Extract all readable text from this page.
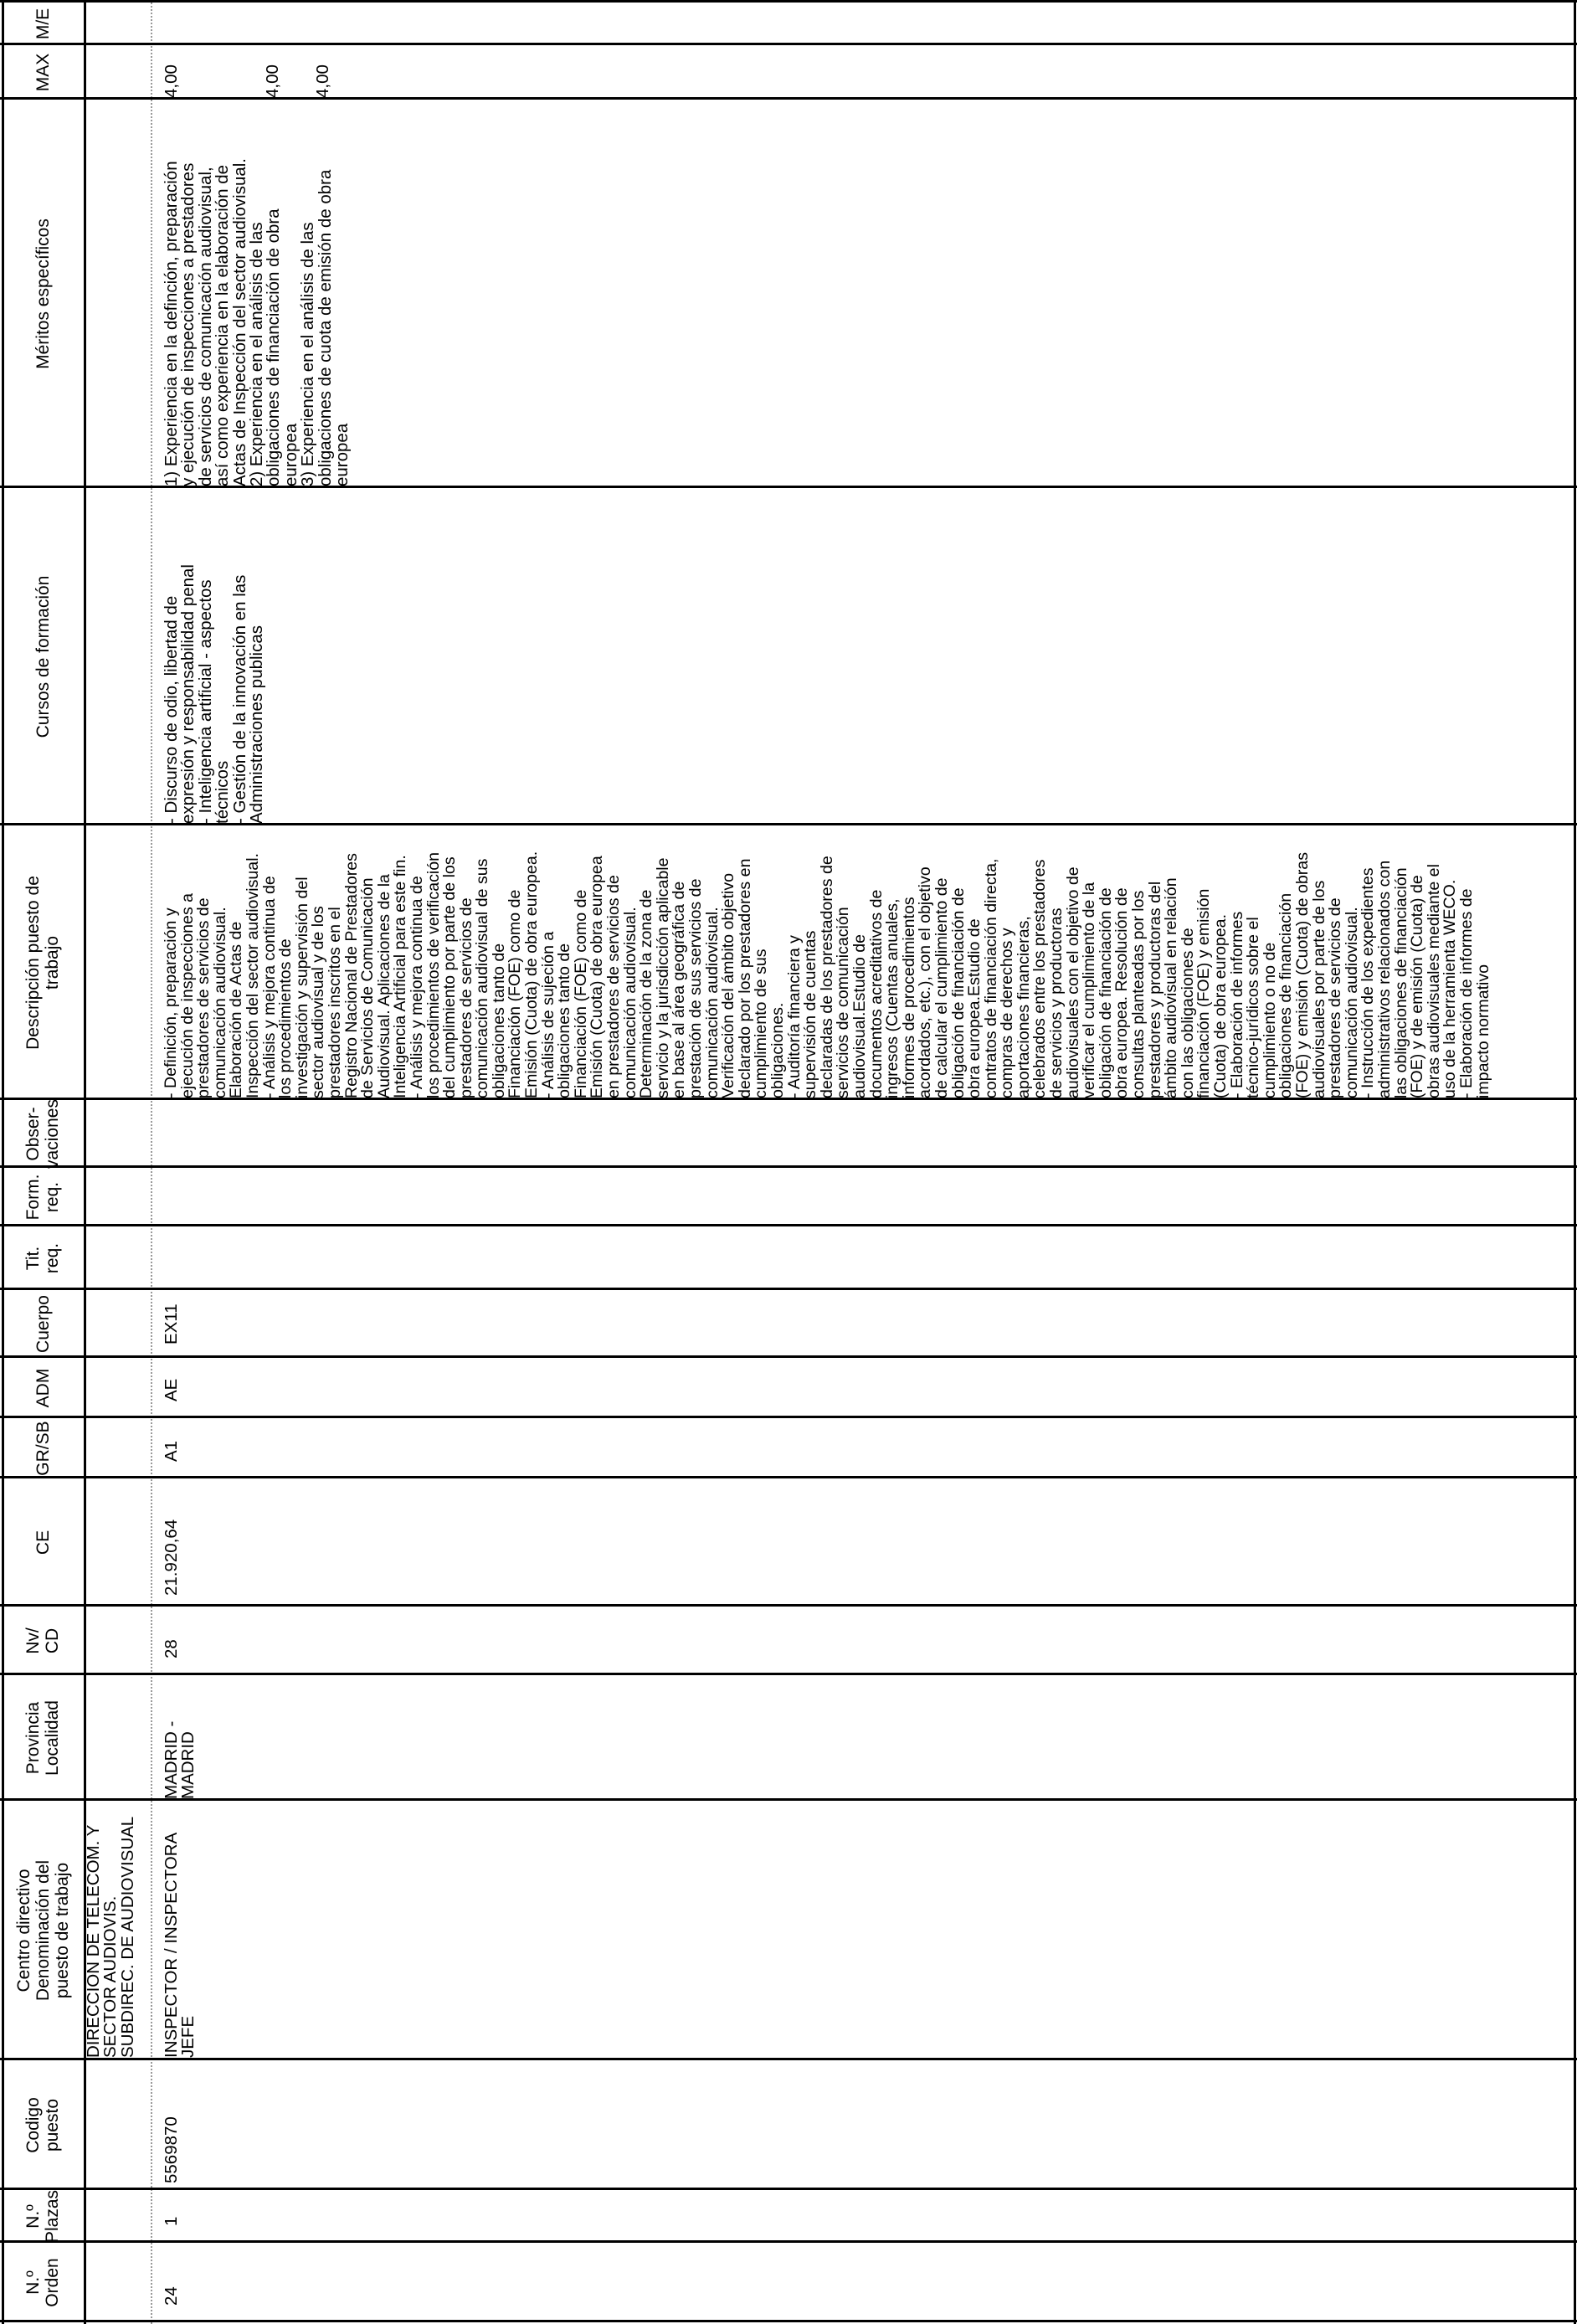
N.º
Orden
N.º
Plazas
Codigo
puesto
Centro directivo
Denominación del
puesto de trabajo
Provincia
Localidad
Nv/
CD
CE
GR/SB
ADM
Cuerpo
Tit.
req.
Form.
req.
Obser-
vaciones
Descripción puesto de
trabajo
Cursos de formación
Méritos específicos
MAX
M/E
DIRECCION DE TELECOM. Y
SECTOR AUDIOVIS.
SUBDIREC. DE AUDIOVISUAL
24
1
5569870
INSPECTOR / INSPECTORA
JEFE
MADRID -
MADRID
28
21.920,64
A1
AE
EX11
- Definición, preparación y
ejecución de inspecciones a
prestadores de servicios de
comunicación audiovisual.
Elaboración de Actas de
Inspección del sector audiovisual.
- Análisis y mejora continua de
los procedimientos de
investigación y supervisión del
sector audiovisual y de los
prestadores inscritos en el
Registro Nacional de Prestadores
de Servicios de Comunicación
Audiovisual. Aplicaciones de la
Inteligencia Artificial para este fin.
- Análisis y mejora continua de
los procedimientos de verificación
del cumplimiento por parte de los
prestadores de servicios de
comunicación audiovisual de sus
obligaciones tanto de
Financiación (FOE) como de
Emisión (Cuota) de obra europea.
- Análisis de sujeción a
obligaciones tanto de
Financiación (FOE) como de
Emisión (Cuota) de obra europea
en prestadores de servicios de
comunicación audiovisual.
Determinación de la zona de
servicio y la jurisdicción aplicable
en base al área geográfica de
prestación de sus servicios de
comunicación audiovisual.
Verificación del ámbito objetivo
declarado por los prestadores en
cumplimiento de sus
obligaciones.
- Auditoría financiera y
supervisión de cuentas
declaradas de los prestadores de
servicios de comunicación
audiovisual.Estudio de
documentos acreditativos de
ingresos (Cuentas anuales,
informes de procedimientos
acordados, etc.), con el objetivo
de calcular el cumplimiento de
obligación de financiación de
obra europea.Estudio de
contratos de financiación directa,
compras de derechos y
aportaciones financieras,
celebrados entre los prestadores
de servicios y productoras
audiovisuales con el objetivo de
verificar el cumplimiento de la
obligación de financiación de
obra europea. Resolución de
consultas planteadas por los
prestadores y productoras del
ámbito audiovisual en relación
con las obligaciones de
financiación (FOE) y emisión
(Cuota) de obra europea.
- Elaboración de informes
técnico-jurídicos sobre el
cumplimiento o no de
obligaciones de financiación
(FOE) y emisión (Cuota) de obras
audiovisuales por parte de los
prestadores de servicios de
comunicación audiovisual.
- Instrucción de los expedientes
administrativos relacionados con
las obligaciones de financiación
(FOE) y de emisión (Cuota) de
obras audiovisuales mediante el
uso de la herramienta WECO.
- Elaboración de informes de
impacto normativo
- Discurso de odio, libertad de
expresión y responsabilidad penal
- Inteligencia artificial - aspectos
técnicos
- Gestión de la innovación en las
Administraciones publicas
1) Experiencia en la definción, preparación
y ejecución de inspecciones a prestadores
de servicios de comunicación audiovisual,
así como experiencia en la elaboración de
Actas de Inspección del sector audiovisual.
2) Experiencia en el análisis de las
obligaciones de financiación de obra
europea
3) Experiencia en el análisis de las
obligaciones de cuota de emisión de obra
europea
4,00	4,00 4,00
